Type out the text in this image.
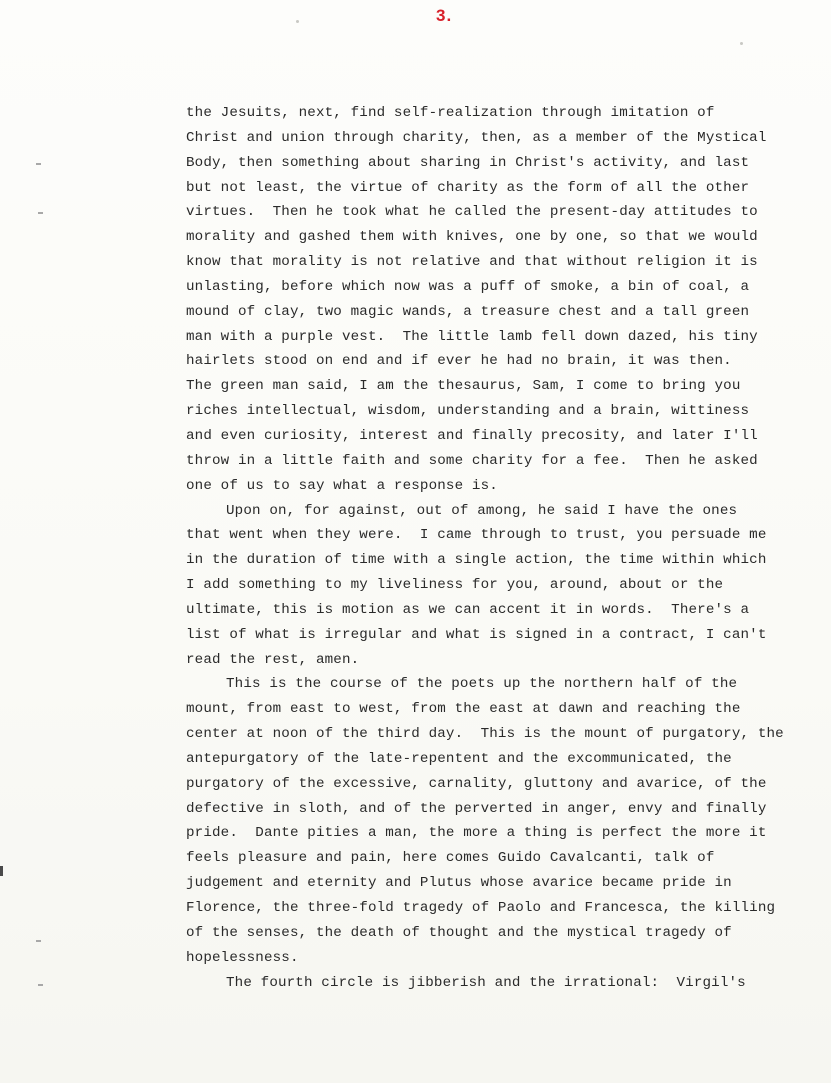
3.
the Jesuits, next, find self-realization through imitation of
Christ and union through charity, then, as a member of the Mystical
Body, then something about sharing in Christ's activity, and last
but not least, the virtue of charity as the form of all the other
virtues.  Then he took what he called the present-day attitudes to
morality and gashed them with knives, one by one, so that we would
know that morality is not relative and that without religion it is
unlasting, before which now was a puff of smoke, a bin of coal, a
mound of clay, two magic wands, a treasure chest and a tall green
man with a purple vest.  The little lamb fell down dazed, his tiny
hairlets stood on end and if ever he had no brain, it was then.
The green man said, I am the thesaurus, Sam, I come to bring you
riches intellectual, wisdom, understanding and a brain, wittiness
and even curiosity, interest and finally precosity, and later I'll
throw in a little faith and some charity for a fee.  Then he asked
one of us to say what a response is.
Upon on, for against, out of among, he said I have the ones
that went when they were.  I came through to trust, you persuade me
in the duration of time with a single action, the time within which
I add something to my liveliness for you, around, about or the
ultimate, this is motion as we can accent it in words.  There's a
list of what is irregular and what is signed in a contract, I can't
read the rest, amen.
This is the course of the poets up the northern half of the
mount, from east to west, from the east at dawn and reaching the
center at noon of the third day.  This is the mount of purgatory, the
antepurgatory of the late-repentent and the excommunicated, the
purgatory of the excessive, carnality, gluttony and avarice, of the
defective in sloth, and of the perverted in anger, envy and finally
pride.  Dante pities a man, the more a thing is perfect the more it
feels pleasure and pain, here comes Guido Cavalcanti, talk of
judgement and eternity and Plutus whose avarice became pride in
Florence, the three-fold tragedy of Paolo and Francesca, the killing
of the senses, the death of thought and the mystical tragedy of
hopelessness.
The fourth circle is jibberish and the irrational:  Virgil's
